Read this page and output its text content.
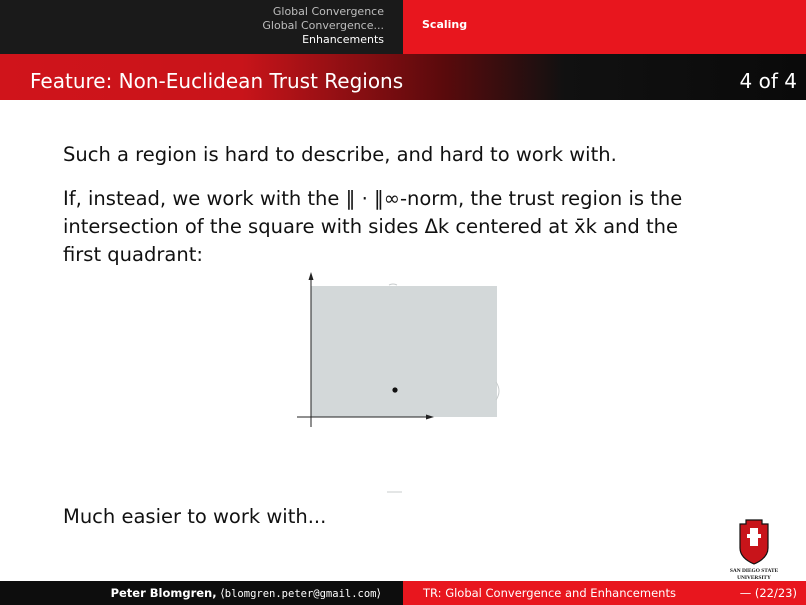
Global Convergence
Global Convergence...
Enhancements
Scaling
Feature: Non-Euclidean Trust Regions	4 of 4
Such a region is hard to describe, and hard to work with.
If, instead, we work with the ‖ · ‖∞-norm, the trust region is the
intersection of the square with sides Δk centered at x̄k and the
first quadrant:
Much easier to work with...
SAN DIEGO STATE
UNIVERSITY
Peter Blomgren, ⟨blomgren.peter@gmail.com⟩	TR: Global Convergence and Enhancements	— (22/23)
